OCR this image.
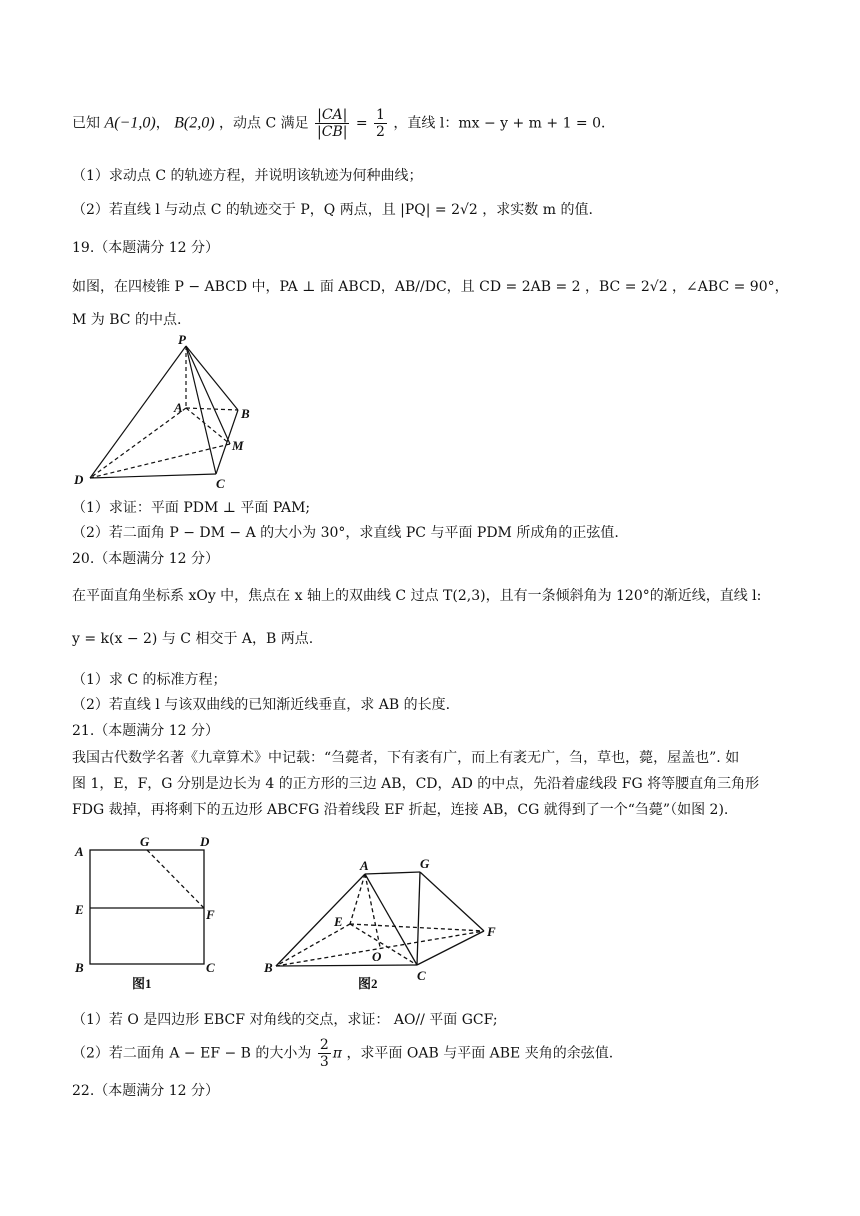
已知 A(−1,0)， B(2,0) ，动点 C 满足 $\frac{|CA|}{|CB|} = \frac{1}{2}$ ，直线 l：mx − y + m + 1 = 0．
（1）求动点 C 的轨迹方程，并说明该轨迹为何种曲线；
（2）若直线 l 与动点 C 的轨迹交于 P，Q 两点，且 |PQ| = 2√2 ，求实数 m 的值.
19.（本题满分 12 分）
如图，在四棱锥 P − ABCD 中，PA ⊥ 面 ABCD，AB//DC，且 CD = 2AB = 2 ，BC = 2√2 ，∠ABC = 90°，
M 为 BC 的中点.
P
A	B
M
D	C
（1）求证：平面 PDM ⊥ 平面 PAM;
（2）若二面角 P − DM − A 的大小为 30°，求直线 PC 与平面 PDM 所成角的正弦值.
20.（本题满分 12 分）
在平面直角坐标系 xOy 中，焦点在 x 轴上的双曲线 C 过点 T(2,3)，且有一条倾斜角为 120°的渐近线，直线 l:
y = k(x − 2) 与 C 相交于 A，B 两点.
（1）求 C 的标准方程；
（2）若直线 l 与该双曲线的已知渐近线垂直，求 AB 的长度.
21.（本题满分 12 分）
我国古代数学名著《九章算术》中记载：“刍薨者，下有袤有广，而上有袤无广，刍，草也，薨，屋盖也”. 如
图 1，E，F，G 分别是边长为 4 的正方形的三边 AB，CD，AD 的中点，先沿着虚线段 FG 将等腰直角三角形
FDG 裁掉，再将剩下的五边形 ABCFG 沿着线段 EF 折起，连接 AB，CG 就得到了一个“刍薨”（如图 2).
A
G	D
E	F
B	C
图1
A	G
E
F
O
B
C
图2
（1）若 O 是四边形 EBCF 对角线的交点，求证： AO// 平面 GCF;
（2）若二面角 A − EF − B 的大小为 $\frac{2}{3}$ π ，求平面 OAB 与平面 ABE 夹角的余弦值.
22.（本题满分 12 分）
